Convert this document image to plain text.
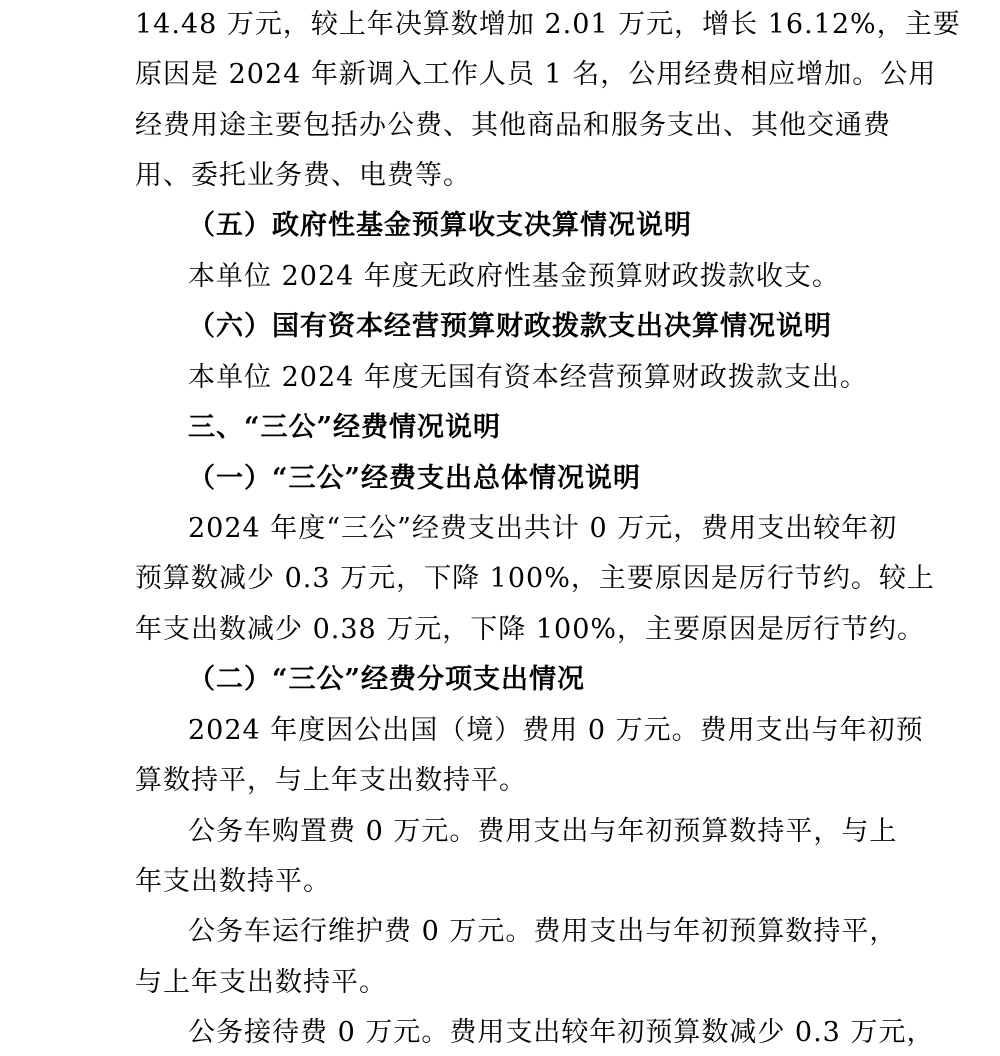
14.48 万元，较上年决算数增加 2.01 万元，增长 16.12%，主要
原因是 2024 年新调入工作人员 1 名，公用经费相应增加。公用
经费用途主要包括办公费、其他商品和服务支出、其他交通费
用、委托业务费、电费等。
（五）政府性基金预算收支决算情况说明
本单位 2024 年度无政府性基金预算财政拨款收支。
（六）国有资本经营预算财政拨款支出决算情况说明
本单位 2024 年度无国有资本经营预算财政拨款支出。
三、“三公”经费情况说明
（一）“三公”经费支出总体情况说明
2024 年度“三公”经费支出共计 0 万元，费用支出较年初
预算数减少 0.3 万元，下降 100%，主要原因是厉行节约。较上
年支出数减少 0.38 万元，下降 100%，主要原因是厉行节约。
（二）“三公”经费分项支出情况
2024 年度因公出国（境）费用 0 万元。费用支出与年初预
算数持平，与上年支出数持平。
公务车购置费 0 万元。费用支出与年初预算数持平，与上
年支出数持平。
公务车运行维护费 0 万元。费用支出与年初预算数持平，
与上年支出数持平。
公务接待费 0 万元。费用支出较年初预算数减少 0.3 万元，
